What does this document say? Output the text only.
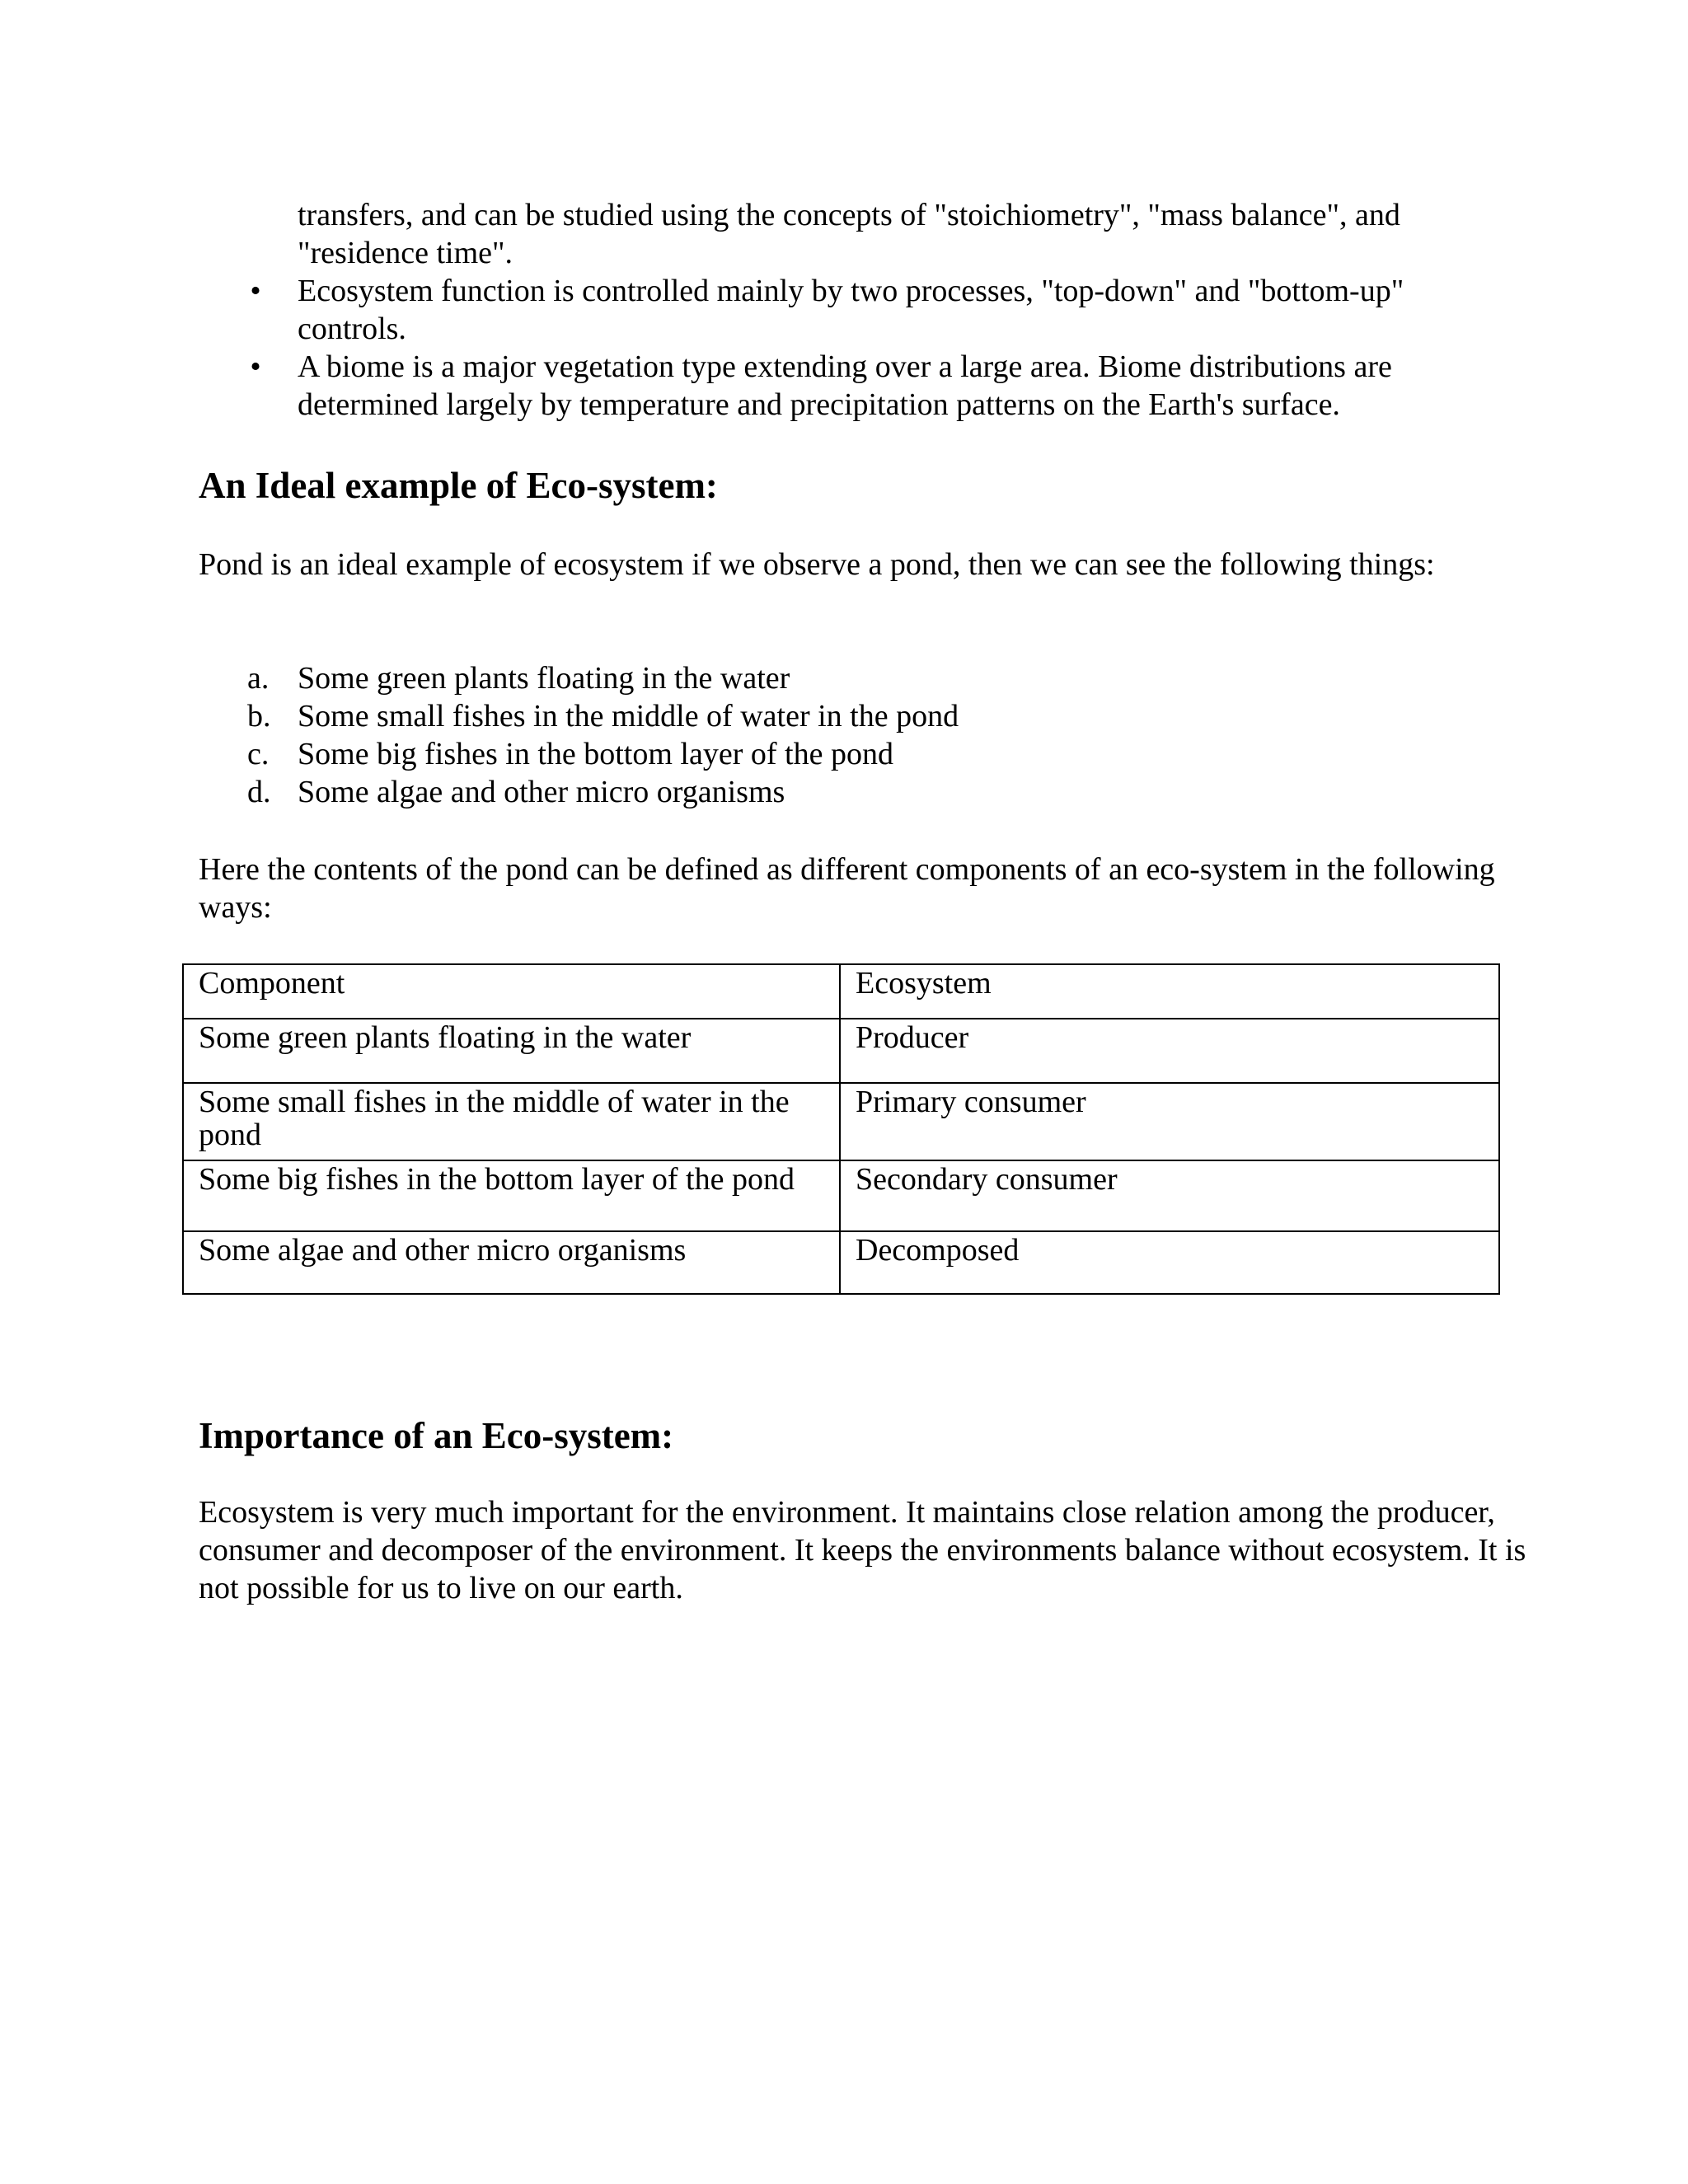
transfers, and can be studied using the concepts of "stoichiometry", "mass balance", and "residence time".

• Ecosystem function is controlled mainly by two processes, "top-down" and "bottom-up" controls.
• A biome is a major vegetation type extending over a large area. Biome distributions are determined largely by temperature and precipitation patterns on the Earth's surface.
An Ideal example of Eco-system:

Pond is an ideal example of ecosystem if we observe a pond, then we can see the following things:

a. Some green plants floating in the water
b. Some small fishes in the middle of water in the pond
c. Some big fishes in the bottom layer of the pond
d. Some algae and other micro organisms

Here the contents of the pond can be defined as different components of an eco-system in the following ways:

Component	Ecosystem
Some green plants floating in the water	Producer
Some small fishes in the middle of water in the pond	Primary consumer
Some big fishes in the bottom layer of the pond	Secondary consumer
Some algae and other micro organisms	Decomposed
Importance of an Eco-system:

Ecosystem is very much important for the environment. It maintains close relation among the producer, consumer and decomposer of the environment. It keeps the environments balance without ecosystem. It is not possible for us to live on our earth.
